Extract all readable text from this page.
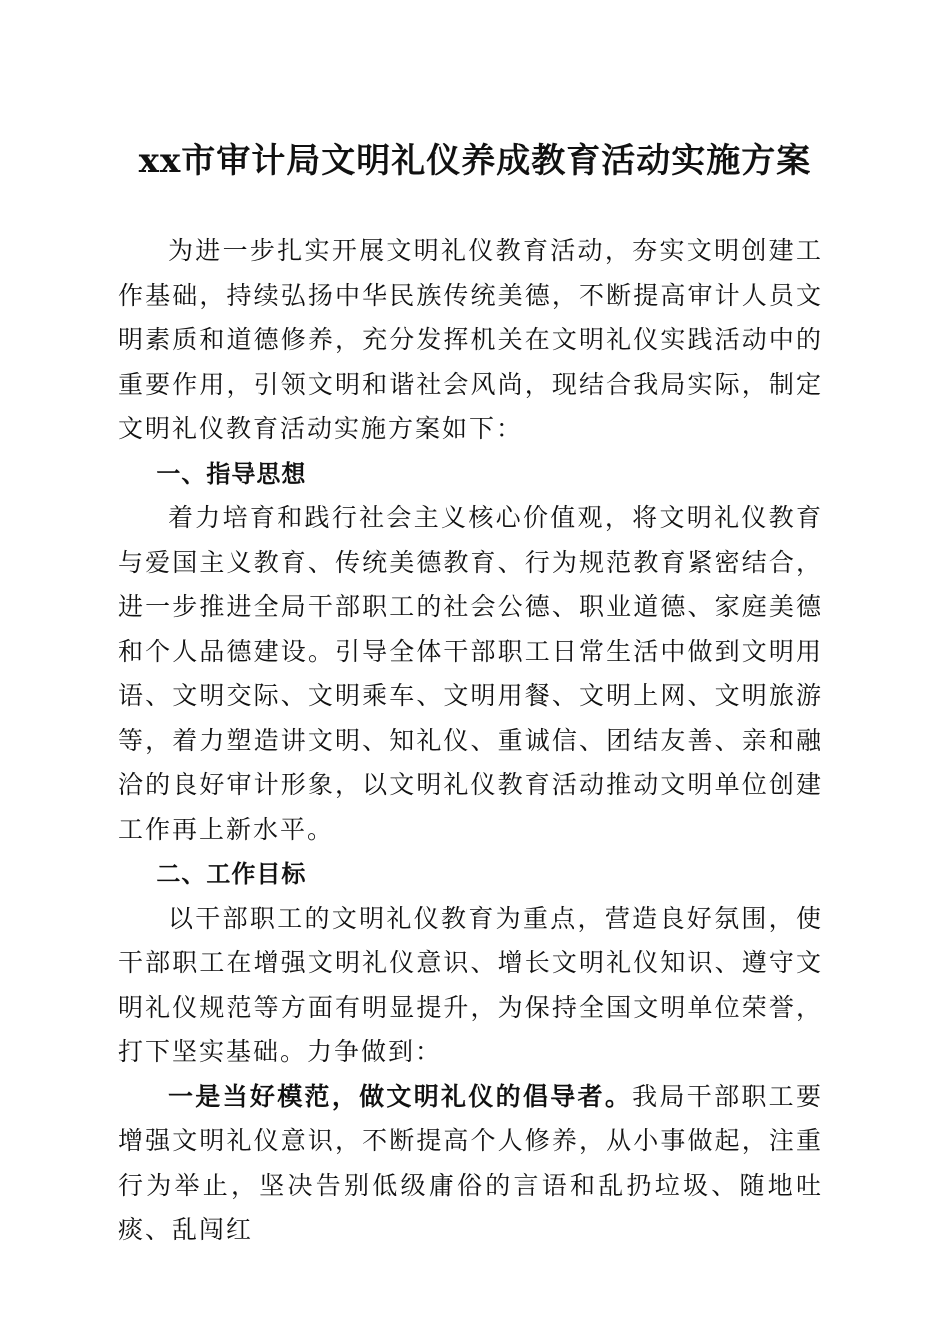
xx市审计局文明礼仪养成教育活动实施方案

为进一步扎实开展文明礼仪教育活动，夯实文明创建工作基础，持续弘扬中华民族传统美德，不断提高审计人员文明素质和道德修养，充分发挥机关在文明礼仪实践活动中的重要作用，引领文明和谐社会风尚，现结合我局实际，制定文明礼仪教育活动实施方案如下：

一、指导思想

着力培育和践行社会主义核心价值观，将文明礼仪教育与爱国主义教育、传统美德教育、行为规范教育紧密结合，进一步推进全局干部职工的社会公德、职业道德、家庭美德和个人品德建设。引导全体干部职工日常生活中做到文明用语、文明交际、文明乘车、文明用餐、文明上网、文明旅游等，着力塑造讲文明、知礼仪、重诚信、团结友善、亲和融洽的良好审计形象，以文明礼仪教育活动推动文明单位创建工作再上新水平。

二、工作目标

以干部职工的文明礼仪教育为重点，营造良好氛围，使干部职工在增强文明礼仪意识、增长文明礼仪知识、遵守文明礼仪规范等方面有明显提升，为保持全国文明单位荣誉，打下坚实基础。力争做到：

一是当好模范，做文明礼仪的倡导者。我局干部职工要增强文明礼仪意识，不断提高个人修养，从小事做起，注重行为举止，坚决告别低级庸俗的言语和乱扔垃圾、随地吐痰、乱闯红
